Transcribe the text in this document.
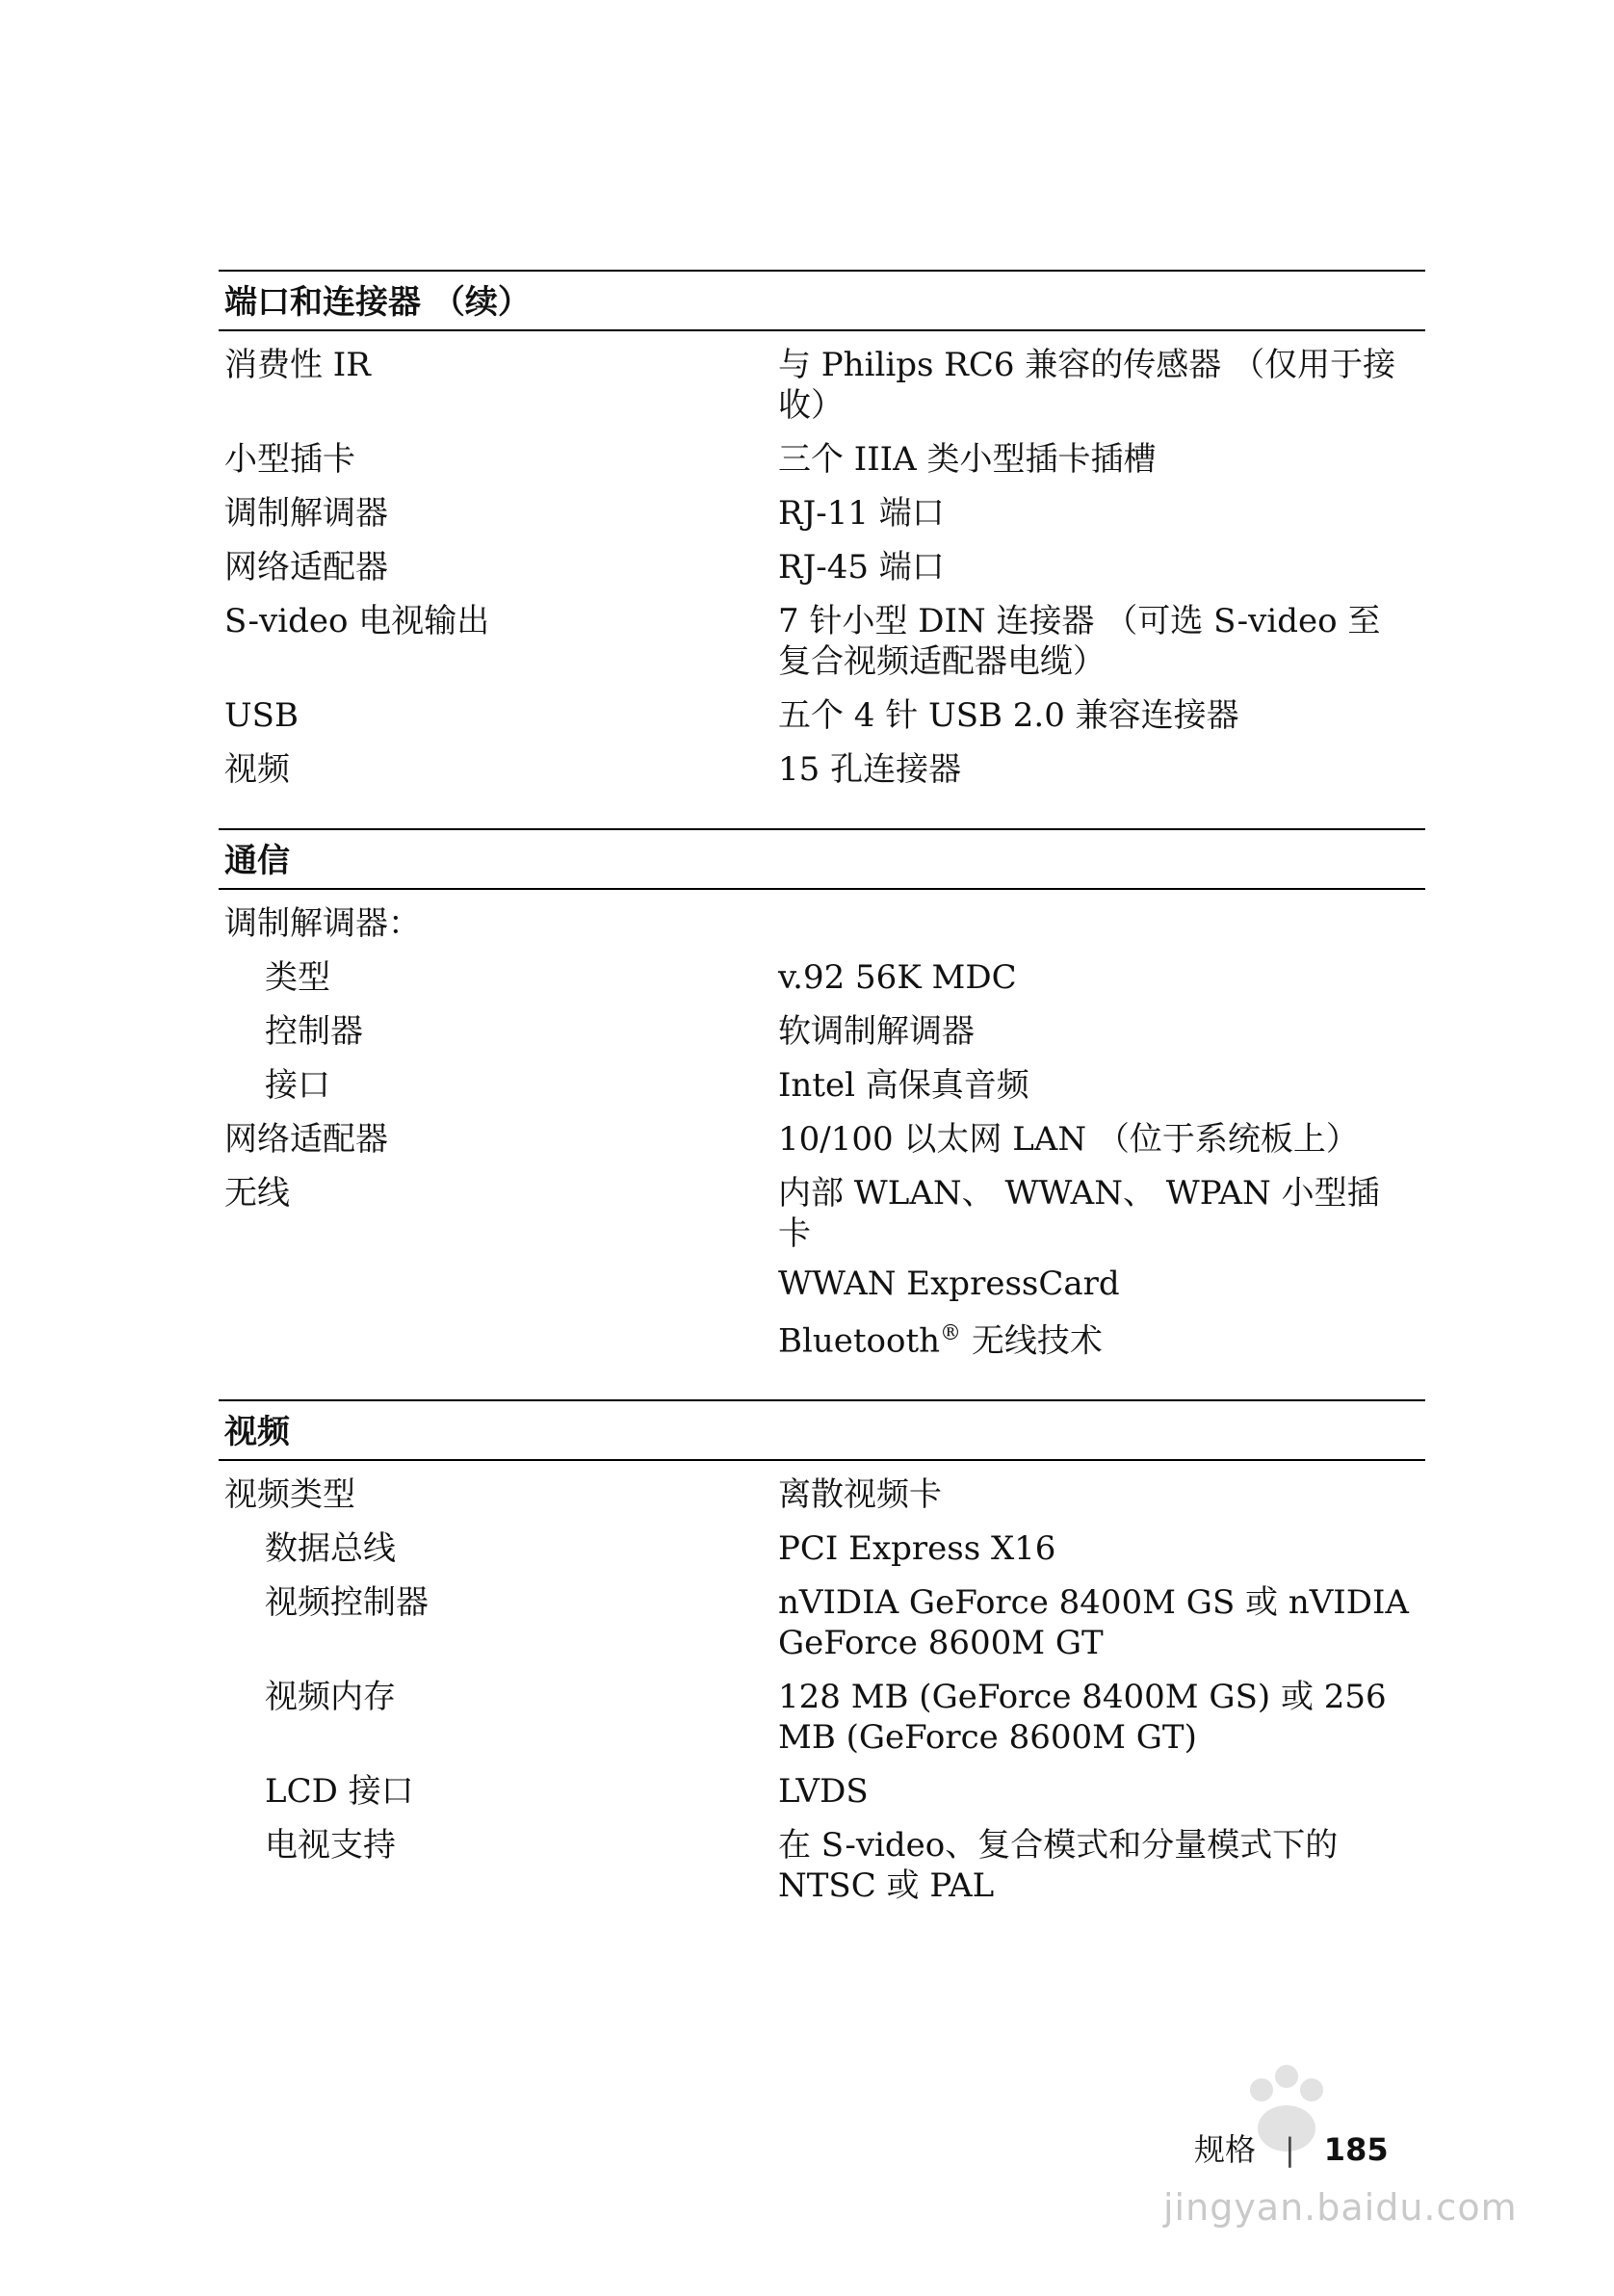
端口和连接器 （续）
消费性 IR	与 Philips RC6 兼容的传感器 （仅用于接收）
小型插卡	三个 IIIA 类小型插卡插槽
调制解调器	RJ-11 端口
网络适配器	RJ-45 端口
S-video 电视输出	7 针小型 DIN 连接器 （可选 S-video 至复合视频适配器电缆）
USB	五个 4 针 USB 2.0 兼容连接器
视频	15 孔连接器
通信
调制解调器：
类型	v.92 56K MDC
控制器	软调制解调器
接口	Intel 高保真音频
网络适配器	10/100 以太网 LAN （位于系统板上）
无线	内部 WLAN、 WWAN、 WPAN 小型插卡
WWAN ExpressCard
Bluetooth® 无线技术
视频
视频类型	离散视频卡
数据总线	PCI Express X16
视频控制器	nVIDIA GeForce 8400M GS 或 nVIDIA GeForce 8600M GT
视频内存	128 MB (GeForce 8400M GS) 或 256 MB (GeForce 8600M GT)
LCD 接口	LVDS
电视支持	在 S-video、复合模式和分量模式下的 NTSC 或 PAL
jingyan.baidu.com
规格 | 185
